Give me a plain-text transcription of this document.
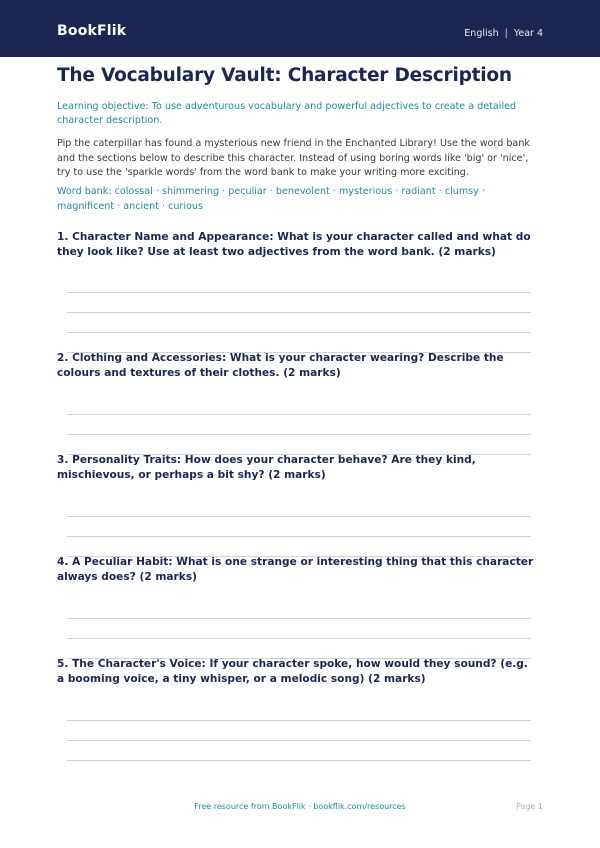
BookFlik	English | Year 4
The Vocabulary Vault: Character Description
Learning objective: To use adventurous vocabulary and powerful adjectives to create a detailed character description.
Pip the caterpillar has found a mysterious new friend in the Enchanted Library! Use the word bank and the sections below to describe this character. Instead of using boring words like 'big' or 'nice', try to use the 'sparkle words' from the word bank to make your writing more exciting.
Word bank: colossal · shimmering · peculiar · benevolent · mysterious · radiant · clumsy · magnificent · ancient · curious

1. Character Name and Appearance: What is your character called and what do they look like? Use at least two adjectives from the word bank. (2 marks)

2. Clothing and Accessories: What is your character wearing? Describe the colours and textures of their clothes. (2 marks)

3. Personality Traits: How does your character behave? Are they kind, mischievous, or perhaps a bit shy? (2 marks)

4. A Peculiar Habit: What is one strange or interesting thing that this character always does? (2 marks)

5. The Character's Voice: If your character spoke, how would they sound? (e.g. a booming voice, a tiny whisper, or a melodic song) (2 marks)

Free resource from BookFlik · bookflik.com/resources	Page 1
